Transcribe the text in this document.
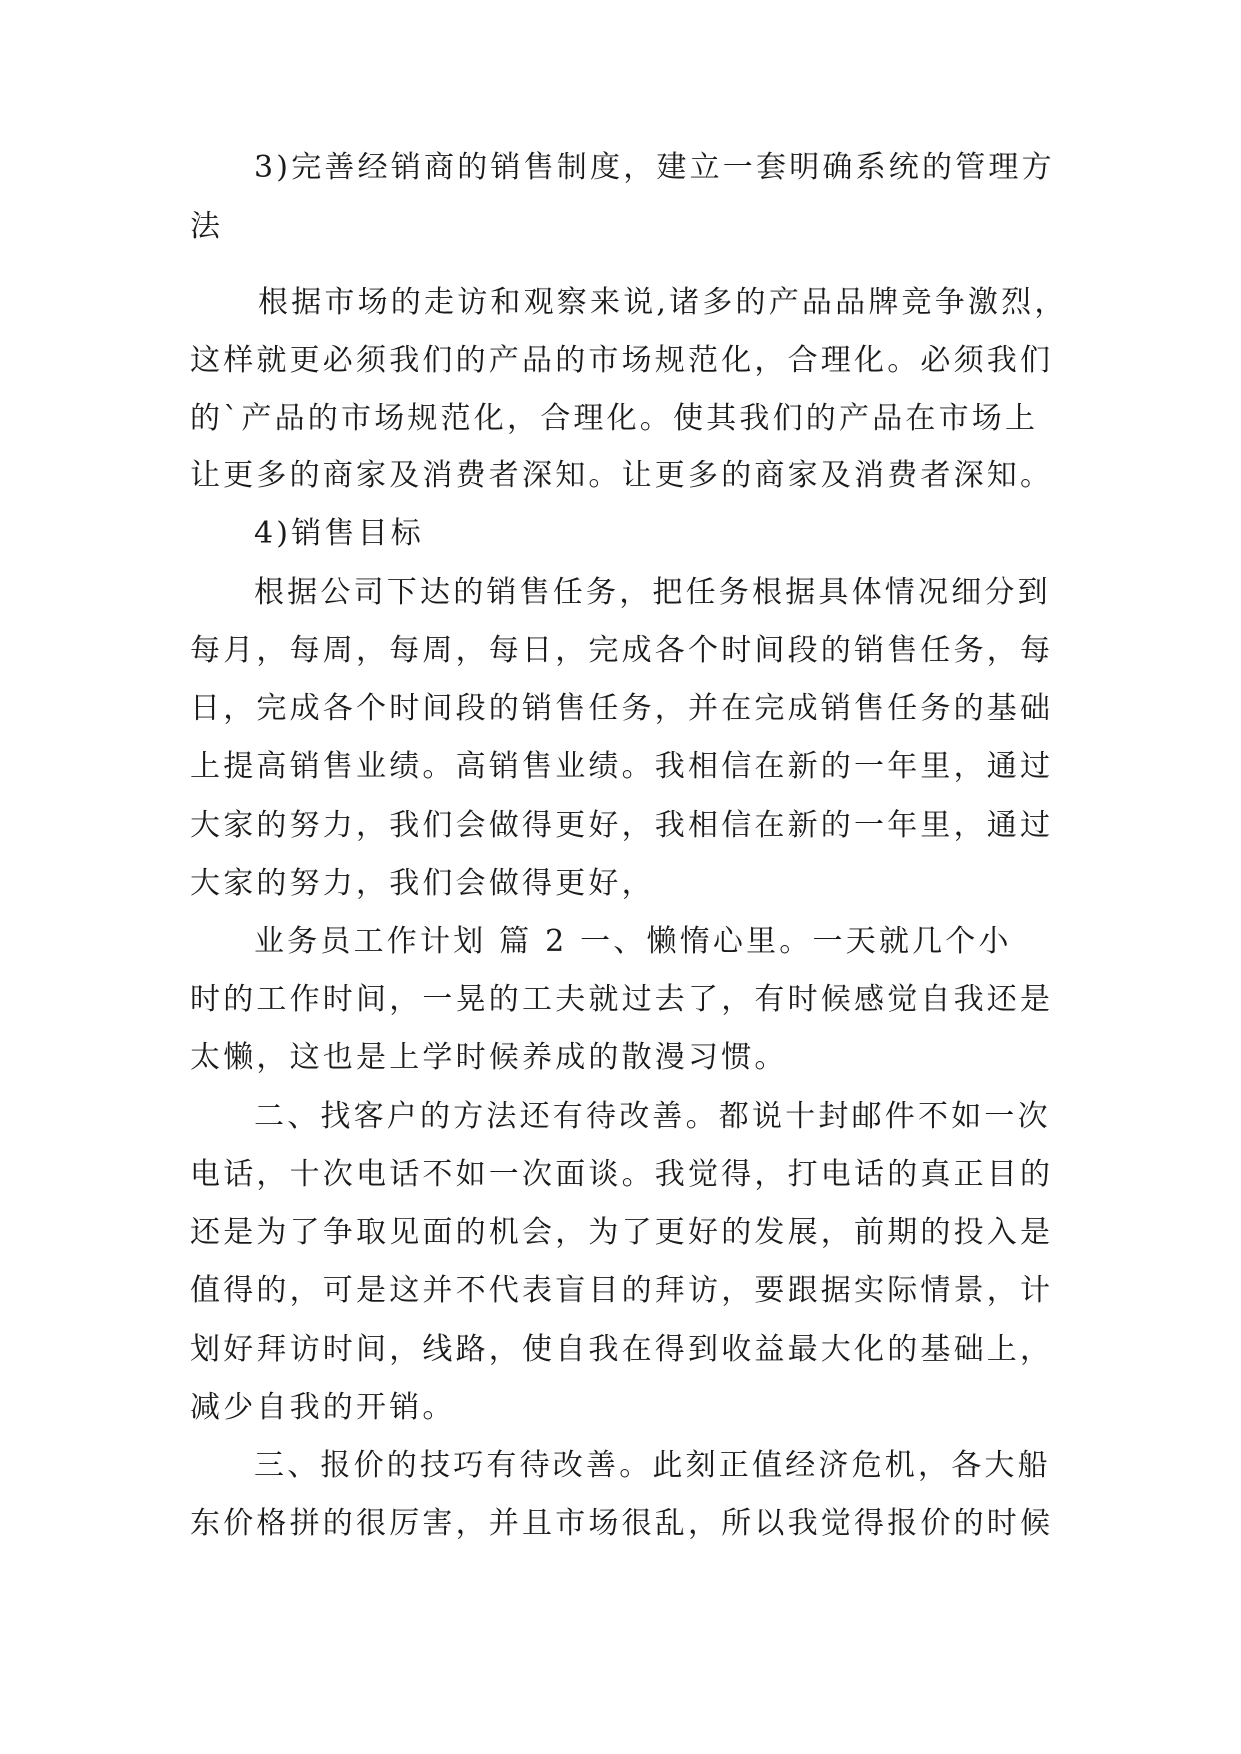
3)完善经销商的销售制度，建立一套明确系统的管理方
法
根据市场的走访和观察来说,诸多的产品品牌竞争激烈，
这样就更必须我们的产品的市场规范化，合理化。必须我们
的`产品的市场规范化，合理化。使其我们的产品在市场上
让更多的商家及消费者深知。让更多的商家及消费者深知。
4)销售目标
根据公司下达的销售任务，把任务根据具体情况细分到
每月，每周，每周，每日，完成各个时间段的销售任务，每
日，完成各个时间段的销售任务，并在完成销售任务的基础
上提高销售业绩。高销售业绩。我相信在新的一年里，通过
大家的努力，我们会做得更好，我相信在新的一年里，通过
大家的努力，我们会做得更好，
业务员工作计划 篇 2 一、懒惰心里。一天就几个小
时的工作时间，一晃的工夫就过去了，有时候感觉自我还是
太懒，这也是上学时候养成的散漫习惯。
二、找客户的方法还有待改善。都说十封邮件不如一次
电话，十次电话不如一次面谈。我觉得，打电话的真正目的
还是为了争取见面的机会，为了更好的发展，前期的投入是
值得的，可是这并不代表盲目的拜访，要跟据实际情景，计
划好拜访时间，线路，使自我在得到收益最大化的基础上，
减少自我的开销。
三、报价的技巧有待改善。此刻正值经济危机，各大船
东价格拼的很厉害，并且市场很乱，所以我觉得报价的时候
